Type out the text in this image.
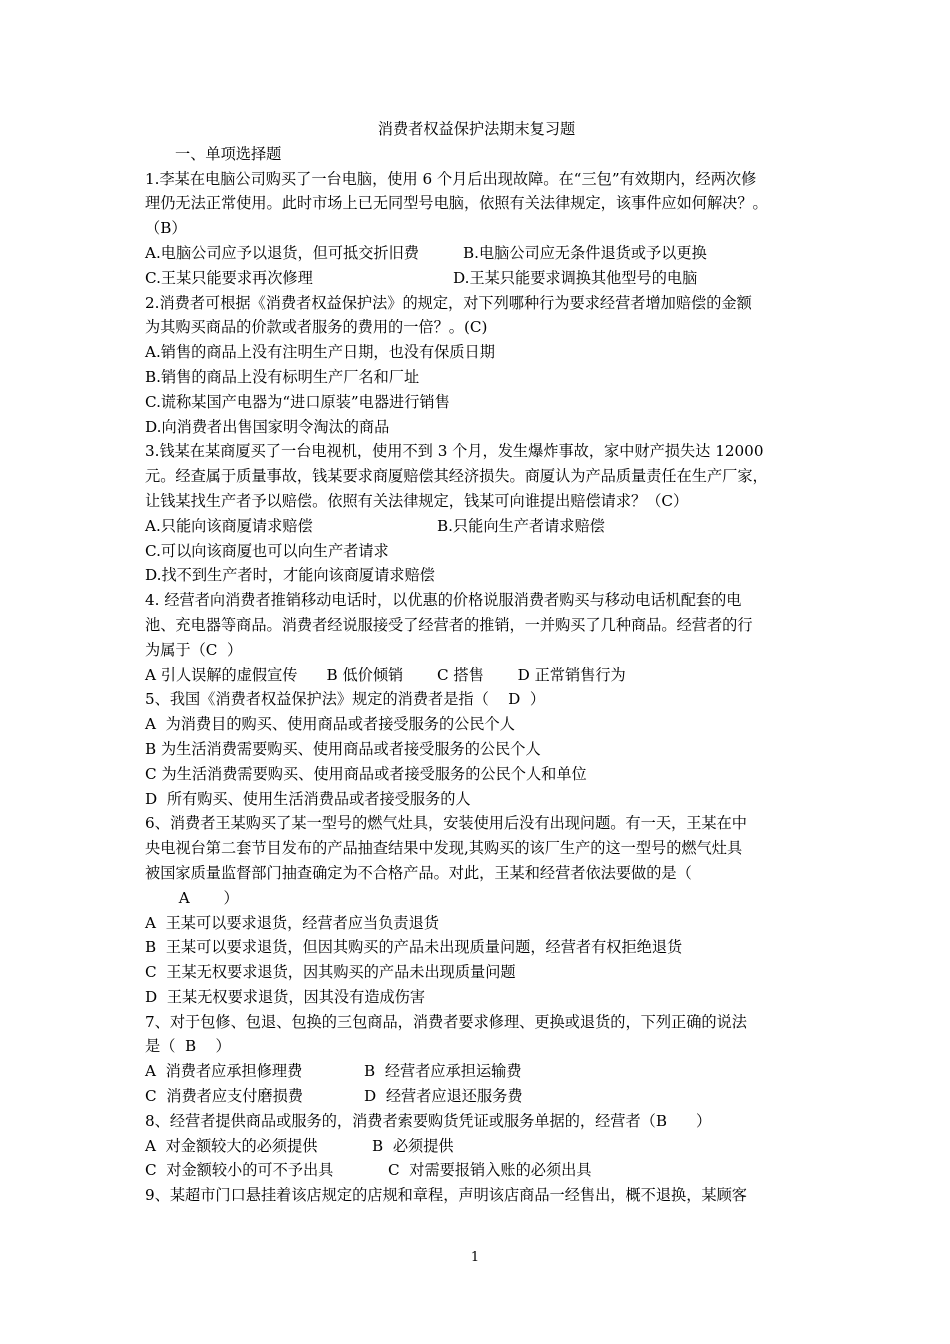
消费者权益保护法期末复习题
一、单项选择题
1.李某在电脑公司购买了一台电脑，使用 6 个月后出现故障。在“三包”有效期内，经两次修
理仍无法正常使用。此时市场上已无同型号电脑，依照有关法律规定，该事件应如何解决？。
（B）
A.电脑公司应予以退货，但可抵交折旧费	B.电脑公司应无条件退货或予以更换
C.王某只能要求再次修理	D.王某只能要求调换其他型号的电脑
2.消费者可根据《消费者权益保护法》的规定，对下列哪种行为要求经营者增加赔偿的金额
为其购买商品的价款或者服务的费用的一倍？。(C)
A.销售的商品上没有注明生产日期，也没有保质日期
B.销售的商品上没有标明生产厂名和厂址
C.谎称某国产电器为“进口原装”电器进行销售
D.向消费者出售国家明令淘汰的商品
3.钱某在某商厦买了一台电视机，使用不到 3 个月，发生爆炸事故，家中财产损失达 12000
元。经查属于质量事故，钱某要求商厦赔偿其经济损失。商厦认为产品质量责任在生产厂家，
让钱某找生产者予以赔偿。依照有关法律规定，钱某可向谁提出赔偿请求？（C）
A.只能向该商厦请求赔偿	B.只能向生产者请求赔偿
C.可以向该商厦也可以向生产者请求
D.找不到生产者时，才能向该商厦请求赔偿
4. 经营者向消费者推销移动电话时，以优惠的价格说服消费者购买与移动电话机配套的电
池、充电器等商品。消费者经说服接受了经营者的推销，一并购买了几种商品。经营者的行
为属于（C  ）
A 引人误解的虚假宣传      B 低价倾销       C 搭售       D 正常销售行为
5、我国《消费者权益保护法》规定的消费者是指（    D  ）
A  为消费目的购买、使用商品或者接受服务的公民个人
B 为生活消费需要购买、使用商品或者接受服务的公民个人
C 为生活消费需要购买、使用商品或者接受服务的公民个人和单位
D  所有购买、使用生活消费品或者接受服务的人
6、消费者王某购买了某一型号的燃气灶具，安装使用后没有出现问题。有一天，王某在中
央电视台第二套节目发布的产品抽查结果中发现,其购买的该厂生产的这一型号的燃气灶具
被国家质量监督部门抽查确定为不合格产品。对此，王某和经营者依法要做的是（
A       ）
A  王某可以要求退货，经营者应当负责退货
B  王某可以要求退货，但因其购买的产品未出现质量问题，经营者有权拒绝退货
C  王某无权要求退货，因其购买的产品未出现质量问题
D  王某无权要求退货，因其没有造成伤害
7、对于包修、包退、包换的三包商品，消费者要求修理、更换或退货的，下列正确的说法
是（  B    ）
A  消费者应承担修理费	B  经营者应承担运输费
C  消费者应支付磨损费	D  经营者应退还服务费
8、经营者提供商品或服务的，消费者索要购货凭证或服务单据的，经营者（B      ）
A  对金额较大的必须提供	B  必须提供
C  对金额较小的可不予出具	C  对需要报销入账的必须出具
9、某超市门口悬挂着该店规定的店规和章程，声明该店商品一经售出，概不退换，某顾客
1
